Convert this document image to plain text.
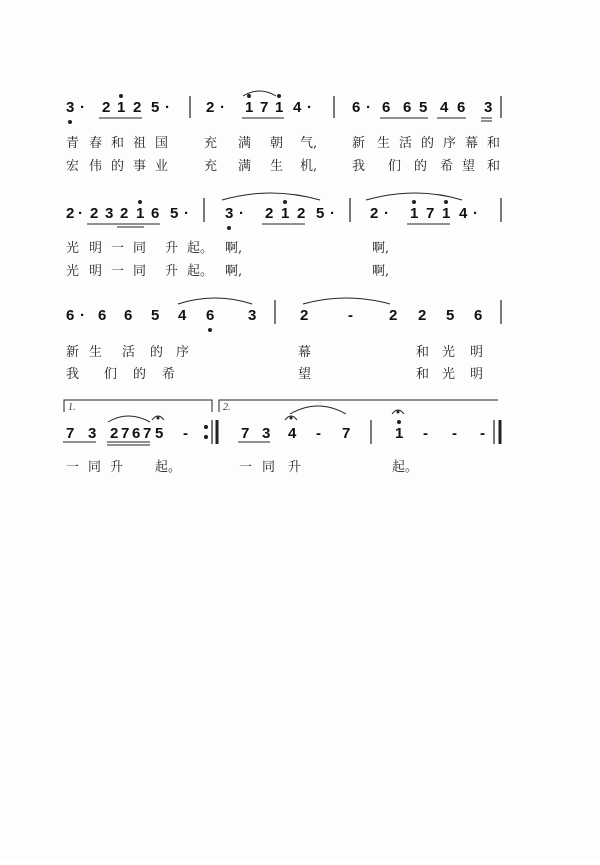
1.	2.
3 · 2 1 2 5 · 2 · 1 7 1 4 ·	6 · 6 6 5 4 6 3
青 春 和 祖 国	充 满 朝 气,	新 生 活 的 序 幕 和
宏 伟 的 事 业	充 满 生 机,	我 们 的 希 望 和
2 · 2 3 2 1 6 5 · 3 · 2 1 2 5 · 2 · 1 7 1 4 ·
光 明 一 同 升 起。 啊,	啊,
光 明 一 同 升 起。 啊,	啊,
6 · 6 6 5 4 6 3	2	- 2 2 5 6
新 生 活 的 序	幕	和 光 明
我 们 的 希	望	和 光 明
7 3 2 7 6 7 5 -	7 3 4 - 7	1 - - -
一 同 升 起。	一 同 升	起。
